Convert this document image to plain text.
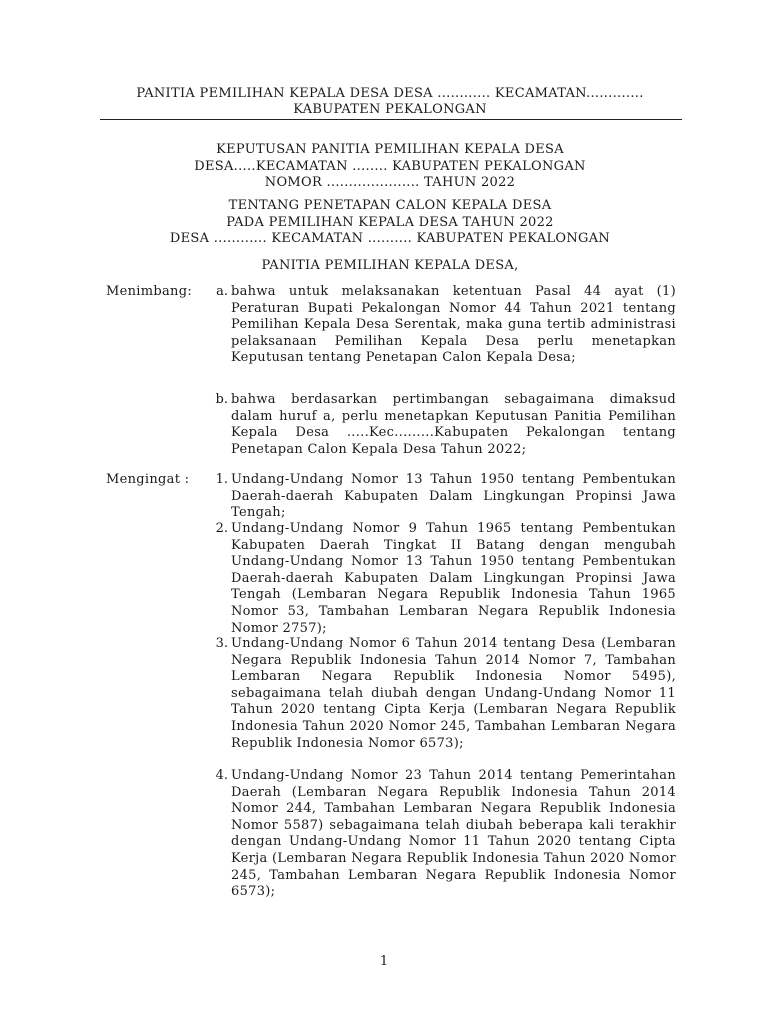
PANITIA PEMILIHAN KEPALA DESA DESA ............ KECAMATAN.............
KABUPATEN PEKALONGAN
KEPUTUSAN PANITIA PEMILIHAN KEPALA DESA
DESA.....KECAMATAN ........ KABUPATEN PEKALONGAN
NOMOR ..................... TAHUN 2022
TENTANG PENETAPAN CALON KEPALA DESA
PADA PEMILIHAN KEPALA DESA TAHUN 2022
DESA ............ KECAMATAN .......... KABUPATEN PEKALONGAN
PANITIA PEMILIHAN KEPALA DESA,
Menimbang:	a. bahwa untuk melaksanakan ketentuan Pasal 44 ayat (1) Peraturan Bupati Pekalongan Nomor 44 Tahun 2021 tentang Pemilihan Kepala Desa Serentak, maka guna tertib administrasi pelaksanaan Pemilihan Kepala Desa perlu menetapkan Keputusan tentang Penetapan Calon Kepala Desa;
b. bahwa berdasarkan pertimbangan sebagaimana dimaksud dalam huruf a, perlu menetapkan Keputusan Panitia Pemilihan Kepala Desa .....Kec.........Kabupaten Pekalongan tentang Penetapan Calon Kepala Desa Tahun 2022;
Mengingat :	1. Undang-Undang Nomor 13 Tahun 1950 tentang Pembentukan Daerah-daerah Kabupaten Dalam Lingkungan Propinsi Jawa Tengah;
2. Undang-Undang Nomor 9 Tahun 1965 tentang Pembentukan Kabupaten Daerah Tingkat II Batang dengan mengubah Undang-Undang Nomor 13 Tahun 1950 tentang Pembentukan Daerah-daerah Kabupaten Dalam Lingkungan Propinsi Jawa Tengah (Lembaran Negara Republik Indonesia Tahun 1965 Nomor 53, Tambahan Lembaran Negara Republik Indonesia Nomor 2757);
3. Undang-Undang Nomor 6 Tahun 2014 tentang Desa (Lembaran Negara Republik Indonesia Tahun 2014 Nomor 7, Tambahan Lembaran Negara Republik Indonesia Nomor 5495), sebagaimana telah diubah dengan Undang-Undang Nomor 11 Tahun 2020 tentang Cipta Kerja (Lembaran Negara Republik Indonesia Tahun 2020 Nomor 245, Tambahan Lembaran Negara Republik Indonesia Nomor 6573);
4. Undang-Undang Nomor 23 Tahun 2014 tentang Pemerintahan Daerah (Lembaran Negara Republik Indonesia Tahun 2014 Nomor 244, Tambahan Lembaran Negara Republik Indonesia Nomor 5587) sebagaimana telah diubah beberapa kali terakhir dengan Undang-Undang Nomor 11 Tahun 2020 tentang Cipta Kerja (Lembaran Negara Republik Indonesia Tahun 2020 Nomor 245, Tambahan Lembaran Negara Republik Indonesia Nomor 6573);
1
